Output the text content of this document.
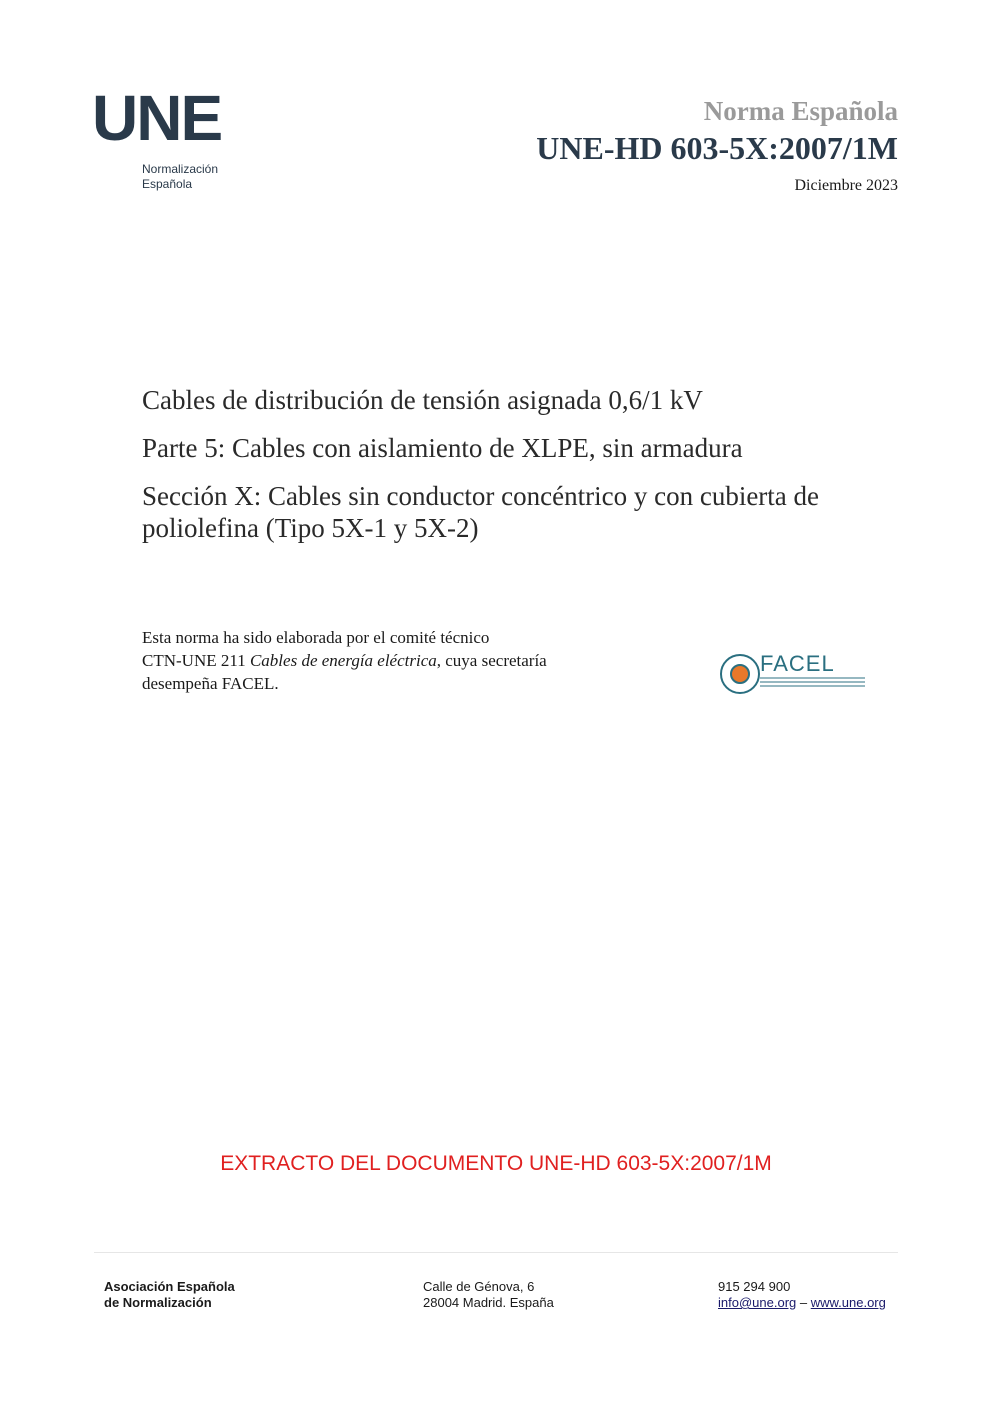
UNE
Normalización
Española
Norma Española
UNE-HD 603-5X:2007/1M
Diciembre 2023
Cables de distribución de tensión asignada 0,6/1 kV
Parte 5: Cables con aislamiento de XLPE, sin armadura
Sección X: Cables sin conductor concéntrico y con cubierta de poliolefina (Tipo 5X-1 y 5X-2)
Esta norma ha sido elaborada por el comité técnico
CTN-UNE 211 Cables de energía eléctrica, cuya secretaría
desempeña FACEL.
FACEL
EXTRACTO DEL DOCUMENTO UNE-HD 603-5X:2007/1M
Asociación Española
de Normalización
Calle de Génova, 6
28004 Madrid. España
915 294 900
info@une.org – www.une.org
